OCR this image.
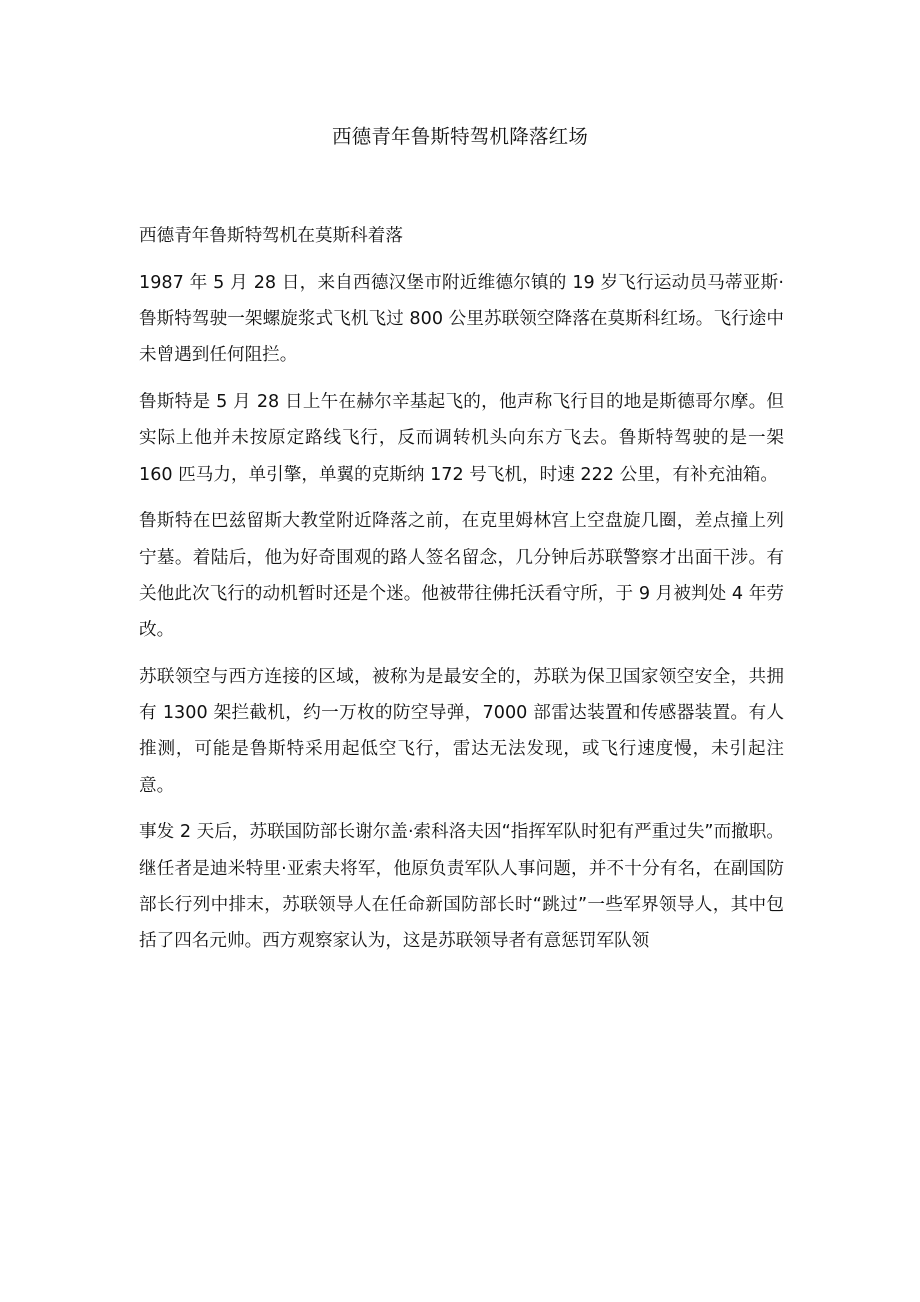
西德青年鲁斯特驾机降落红场

西德青年鲁斯特驾机在莫斯科着落

1987 年 5 月 28 日，来自西德汉堡市附近维德尔镇的 19 岁飞行运动员马蒂亚斯·鲁斯特驾驶一架螺旋浆式飞机飞过 800 公里苏联领空降落在莫斯科红场。飞行途中未曾遇到任何阻拦。

鲁斯特是 5 月 28 日上午在赫尔辛基起飞的，他声称飞行目的地是斯德哥尔摩。但实际上他并未按原定路线飞行，反而调转机头向东方飞去。鲁斯特驾驶的是一架 160 匹马力，单引擎，单翼的克斯纳 172 号飞机，时速 222 公里，有补充油箱。

鲁斯特在巴兹留斯大教堂附近降落之前，在克里姆林宫上空盘旋几圈，差点撞上列宁墓。着陆后，他为好奇围观的路人签名留念，几分钟后苏联警察才出面干涉。有关他此次飞行的动机暂时还是个迷。他被带往佛托沃看守所，于 9 月被判处 4 年劳改。

苏联领空与西方连接的区域，被称为是最安全的，苏联为保卫国家领空安全，共拥有 1300 架拦截机，约一万枚的防空导弹，7000 部雷达装置和传感器装置。有人推测，可能是鲁斯特采用起低空飞行，雷达无法发现，或飞行速度慢，未引起注意。

事发 2 天后，苏联国防部长谢尔盖·索科洛夫因“指挥军队时犯有严重过失”而撤职。继任者是迪米特里·亚索夫将军，他原负责军队人事问题，并不十分有名，在副国防部长行列中排末，苏联领导人在任命新国防部长时“跳过”一些军界领导人，其中包括了四名元帅。西方观察家认为，这是苏联领导者有意惩罚军队领
